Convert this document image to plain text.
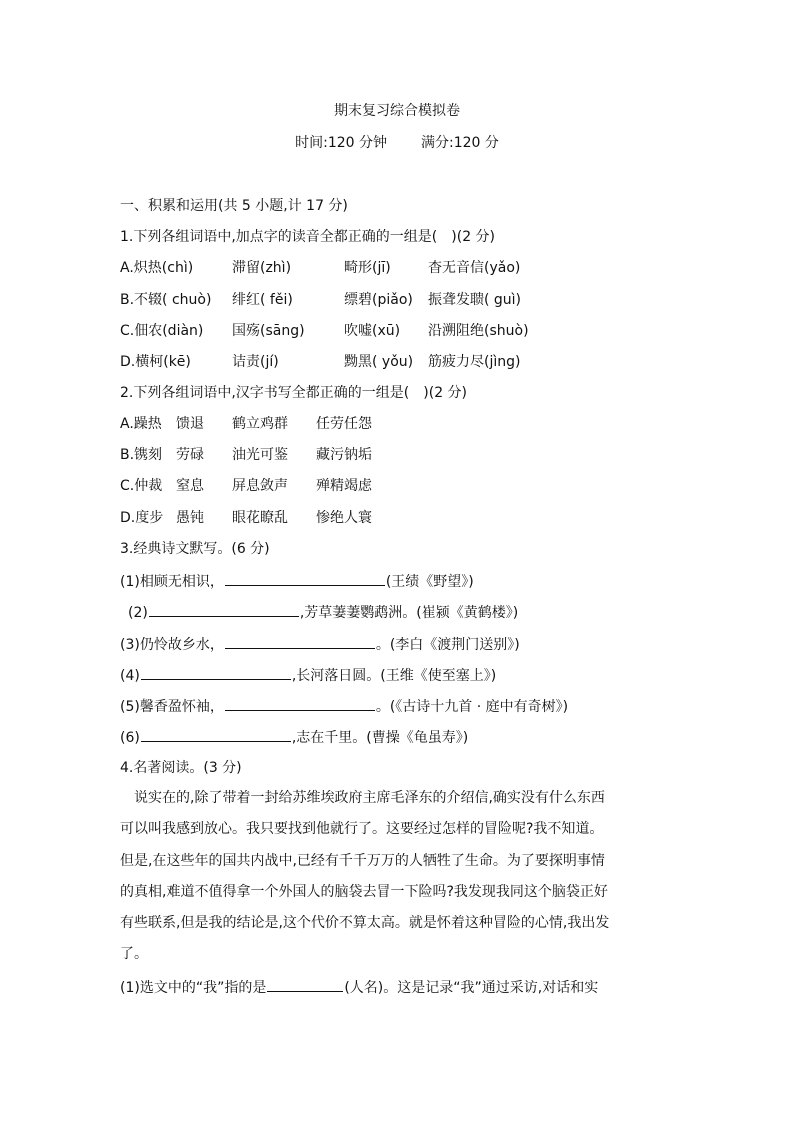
期末复习综合模拟卷
时间:120 分钟 满分:120 分
一、积累和运用(共 5 小题,计 17 分)
1.下列各组词语中,加点字的读音全都正确的一组是(　)(2 分)
A.炽热(chì)	滞留(zhì)	畸形(jī)	杳无音信(yǎo)
B.不辍( chuò) 绯红( fěi)	缥碧(piǎo) 振聋发聩( guì)
C.佃农(diàn) 国殇(sāng)	吹嘘(xū) 沿溯阻绝(shuò)
D.横柯(kē)	诘责(jí)	黝黑( yǒu) 筋疲力尽(jìng)
2.下列各组词语中,汉字书写全都正确的一组是(　)(2 分)
A.躁热 馈退 鹤立鸡群 任劳任怨
B.镌刻 劳碌 油光可鉴 藏污钠垢
C.仲裁 窒息 屏息敛声 殚精竭虑
D.度步 愚钝 眼花瞭乱 惨绝人寰
3.经典诗文默写。(6 分)
(1)相顾无相识，	(王绩《野望》)
(2)	,芳草萋萋鹦鹉洲。(崔颍《黄鹤楼》)
(3)仍怜故乡水，	。(李白《渡荆门送别》)
(4)	,长河落日圆。(王维《使至塞上》)
(5)馨香盈怀袖，	。(《古诗十九首 · 庭中有奇树》)
(6)	,志在千里。(曹操《龟虽寿》)
4.名著阅读。(3 分)

说实在的,除了带着一封给苏维埃政府主席毛泽东的介绍信,确实没有什么东西

可以叫我感到放心。我只要找到他就行了。这要经过怎样的冒险呢?我不知道。

但是,在这些年的国共内战中,已经有千千万万的人牺牲了生命。为了要探明事情

的真相,难道不值得拿一个外国人的脑袋去冒一下险吗?我发现我同这个脑袋正好

有些联系,但是我的结论是,这个代价不算太高。就是怀着这种冒险的心情,我出发

了。

(1)选文中的“我”指的是	(人名)。这是记录“我”通过采访,对话和实
